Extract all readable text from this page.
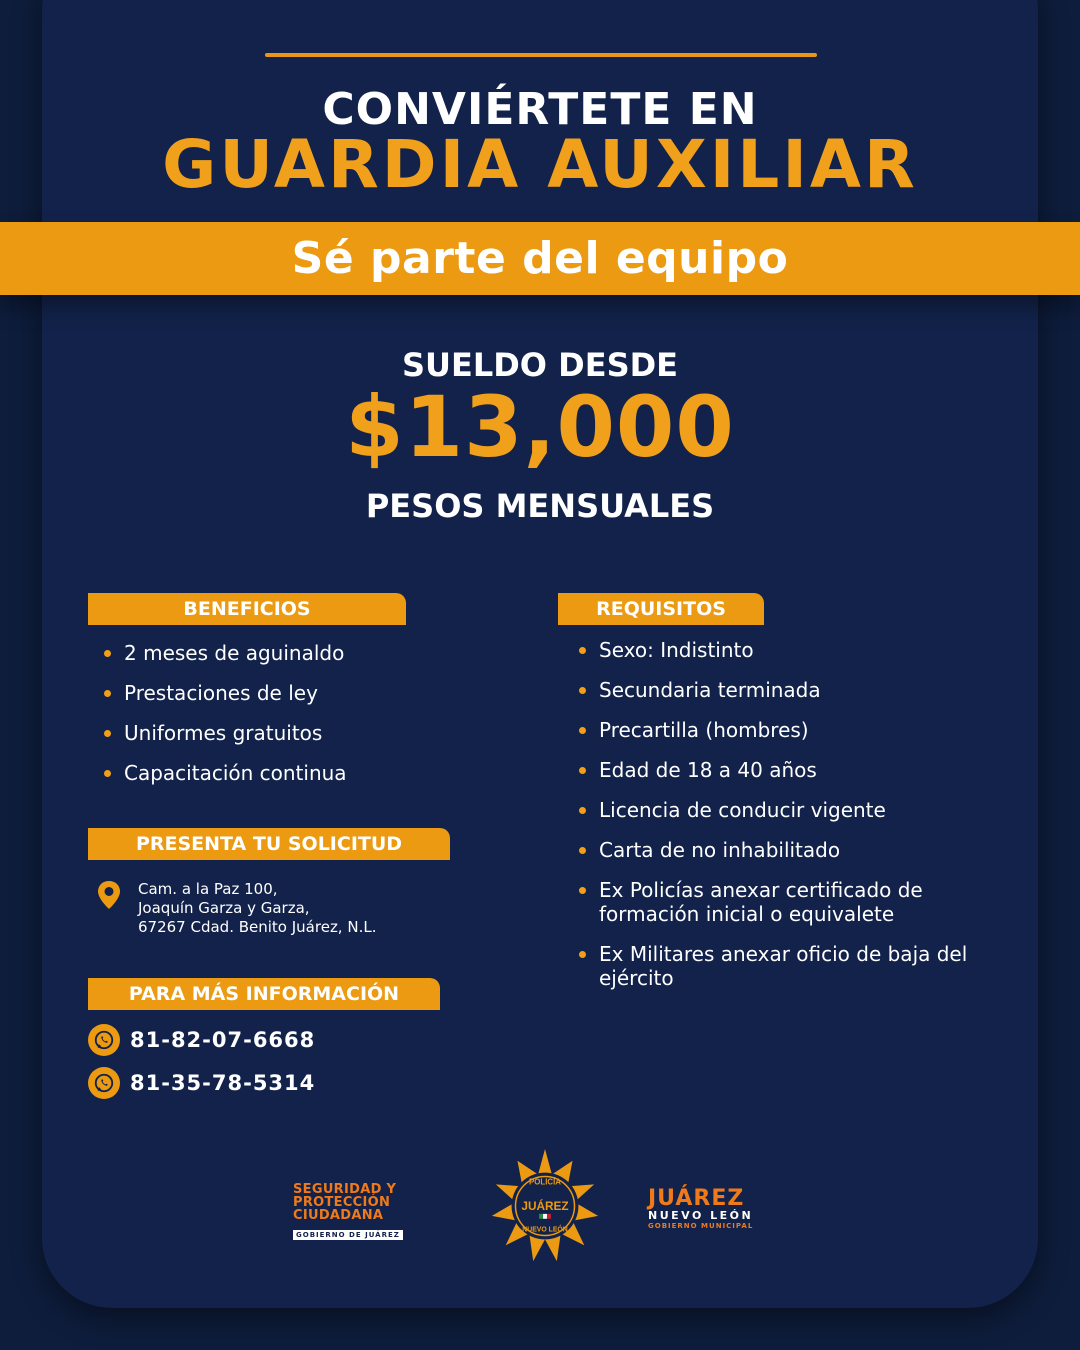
CONVIÉRTETE EN
GUARDIA AUXILIAR
Sé parte del equipo
SUELDO DESDE
$13,000
PESOS MENSUALES
BENEFICIOS
2 meses de aguinaldo
Prestaciones de ley
Uniformes gratuitos
Capacitación continua
PRESENTA TU SOLICITUD
Cam. a la Paz 100,
Joaquín Garza y Garza,
67267 Cdad. Benito Juárez, N.L.
PARA MÁS INFORMACIÓN
81-82-07-6668
81-35-78-5314
REQUISITOS
Sexo: Indistinto
Secundaria terminada
Precartilla (hombres)
Edad de 18 a 40 años
Licencia de conducir vigente
Carta de no inhabilitado
Ex Policías anexar certificado de formación inicial o equivalete
Ex Militares anexar oficio de baja del ejército
SEGURIDAD Y
PROTECCIÓN
CIUDADANA
GOBIERNO DE JUÁREZ
POLICÍA
JUÁREZ
NUEVO LEÓN
JUÁREZ
NUEVO LEÓN
GOBIERNO MUNICIPAL
